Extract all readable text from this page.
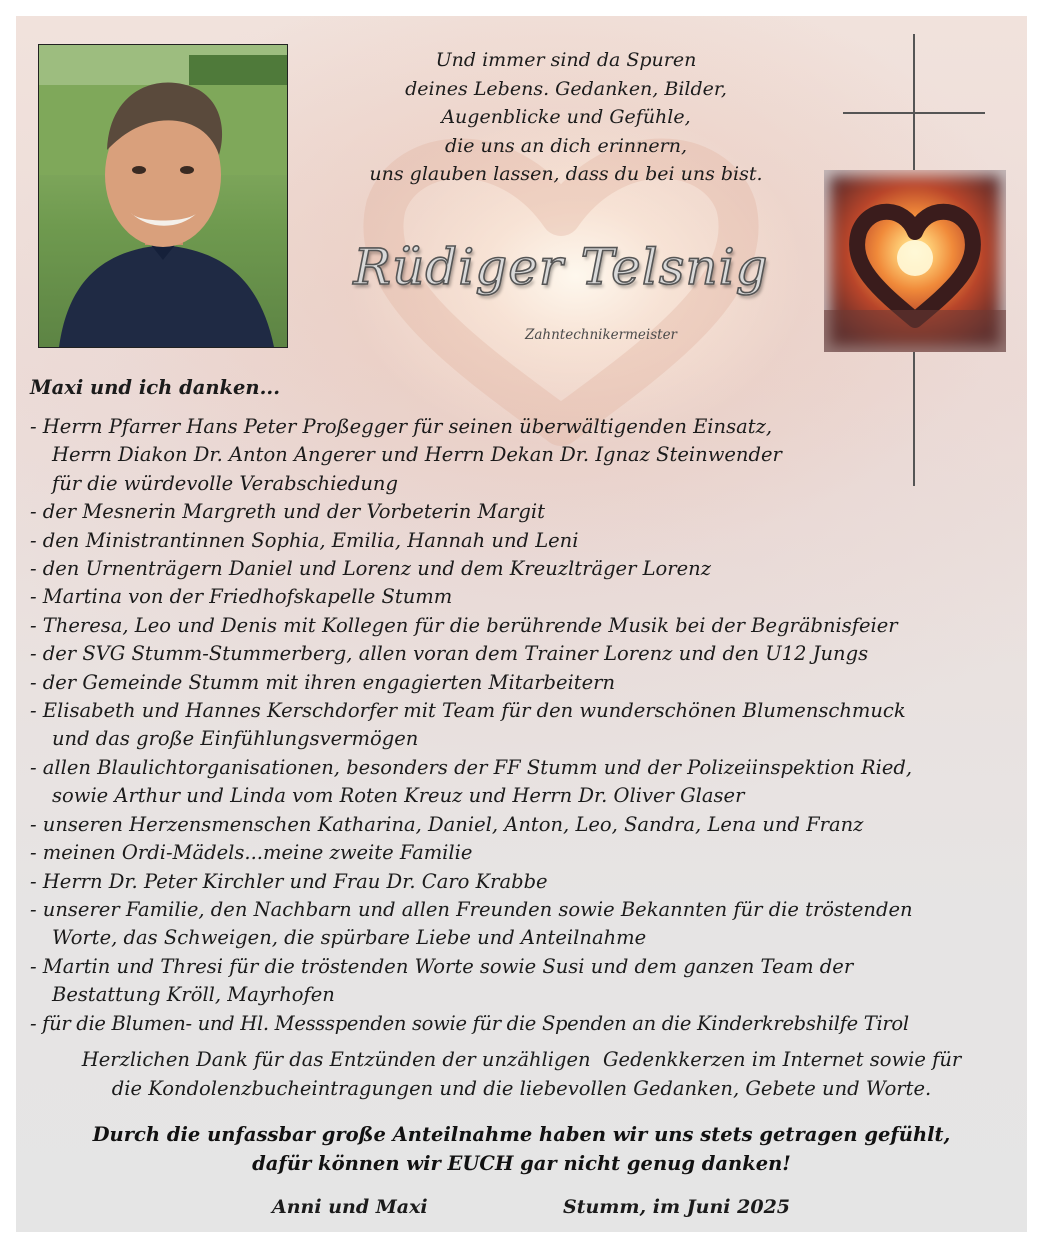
Und immer sind da Spuren
deines Lebens. Gedanken, Bilder,
Augenblicke und Gefühle,
die uns an dich erinnern,
uns glauben lassen, dass du bei uns bist.
Rüdiger Telsnig
Zahntechnikermeister
Maxi und ich danken...
- Herrn Pfarrer Hans Peter Proßegger für seinen überwältigenden Einsatz,
Herrn Diakon Dr. Anton Angerer und Herrn Dekan Dr. Ignaz Steinwender
für die würdevolle Verabschiedung
- der Mesnerin Margreth und der Vorbeterin Margit
- den Ministrantinnen Sophia, Emilia, Hannah und Leni
- den Urnenträgern Daniel und Lorenz und dem Kreuzlträger Lorenz
- Martina von der Friedhofskapelle Stumm
- Theresa, Leo und Denis mit Kollegen für die berührende Musik bei der Begräbnisfeier
- der SVG Stumm-Stummerberg, allen voran dem Trainer Lorenz und den U12 Jungs
- der Gemeinde Stumm mit ihren engagierten Mitarbeitern
- Elisabeth und Hannes Kerschdorfer mit Team für den wunderschönen Blumenschmuck
und das große Einfühlungsvermögen
- allen Blaulichtorganisationen, besonders der FF Stumm und der Polizeiinspektion Ried,
sowie Arthur und Linda vom Roten Kreuz und Herrn Dr. Oliver Glaser
- unseren Herzensmenschen Katharina, Daniel, Anton, Leo, Sandra, Lena und Franz
- meinen Ordi-Mädels...meine zweite Familie
- Herrn Dr. Peter Kirchler und Frau Dr. Caro Krabbe
- unserer Familie, den Nachbarn und allen Freunden sowie Bekannten für die tröstenden
Worte, das Schweigen, die spürbare Liebe und Anteilnahme
- Martin und Thresi für die tröstenden Worte sowie Susi und dem ganzen Team der
Bestattung Kröll, Mayrhofen
- für die Blumen- und Hl. Messspenden sowie für die Spenden an die Kinderkrebshilfe Tirol
Herzlichen Dank für das Entzünden der unzähligen  Gedenkkerzen im Internet sowie für
die Kondolenzbucheintragungen und die liebevollen Gedanken, Gebete und Worte.
Durch die unfassbar große Anteilnahme haben wir uns stets getragen gefühlt,
dafür können wir EUCH gar nicht genug danken!
Anni und Maxi	Stumm, im Juni 2025
